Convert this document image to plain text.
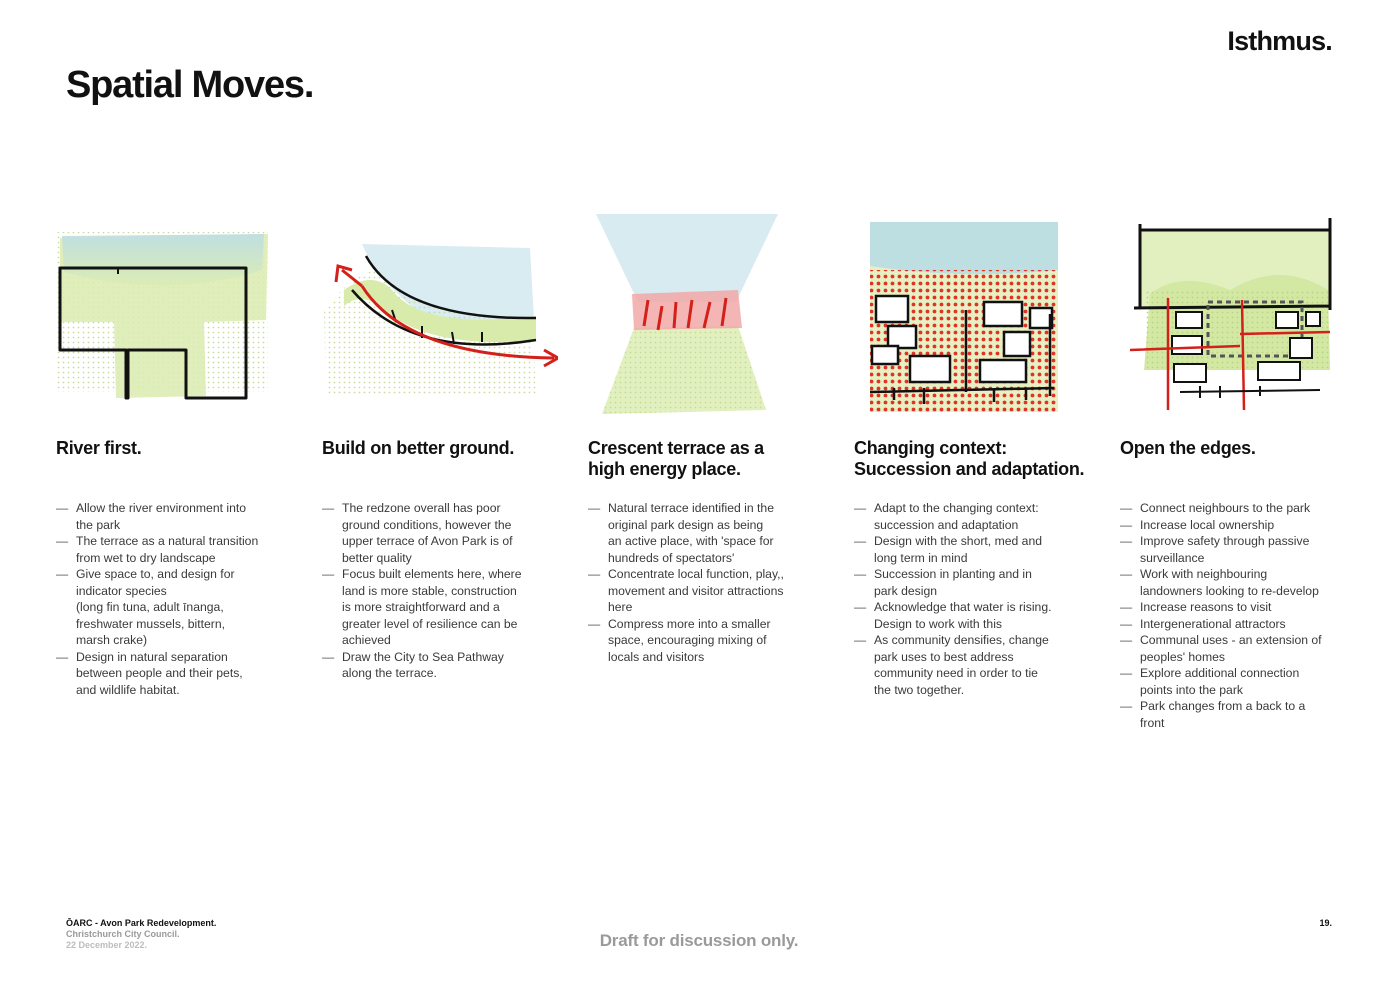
Isthmus.
Spatial Moves.
River first.
— Allow the river environment into
the park
— The terrace as a natural transition
from wet to dry landscape
— Give space to, and design for
indicator species
(long fin tuna, adult īnanga,
freshwater mussels, bittern,
marsh crake)
— Design in natural separation
between people and their pets,
and wildlife habitat.
Build on better ground.
— The redzone overall has poor
ground conditions, however the
upper terrace of Avon Park is of
better quality
— Focus built elements here, where
land is more stable, construction
is more straightforward and a
greater level of resilience can be
achieved
— Draw the City to Sea Pathway
along the terrace.
Crescent terrace as a
high energy place.
— Natural terrace identified in the
original park design as being
an active place, with 'space for
hundreds of spectators'
— Concentrate local function, play,,
movement and visitor attractions
here
— Compress more into a smaller
space, encouraging mixing of
locals and visitors
Changing context:
Succession and adaptation.
— Adapt to the changing context:
succession and adaptation
— Design with the short, med and
long term in mind
— Succession in planting and in
park design
— Acknowledge that water is rising.
Design to work with this
— As community densifies, change
park uses to best address
community need in order to tie
the two together.
Open the edges.
— Connect neighbours to the park
— Increase local ownership
— Improve safety through passive
surveillance
— Work with neighbouring
landowners looking to re-develop
— Increase reasons to visit
— Intergenerational attractors
— Communal uses - an extension of
peoples' homes
— Explore additional connection
points into the park
— Park changes from a back to a
front
ŌARC - Avon Park Redevelopment.
Christchurch City Council.
22 December 2022.	Draft for discussion only.
19.
